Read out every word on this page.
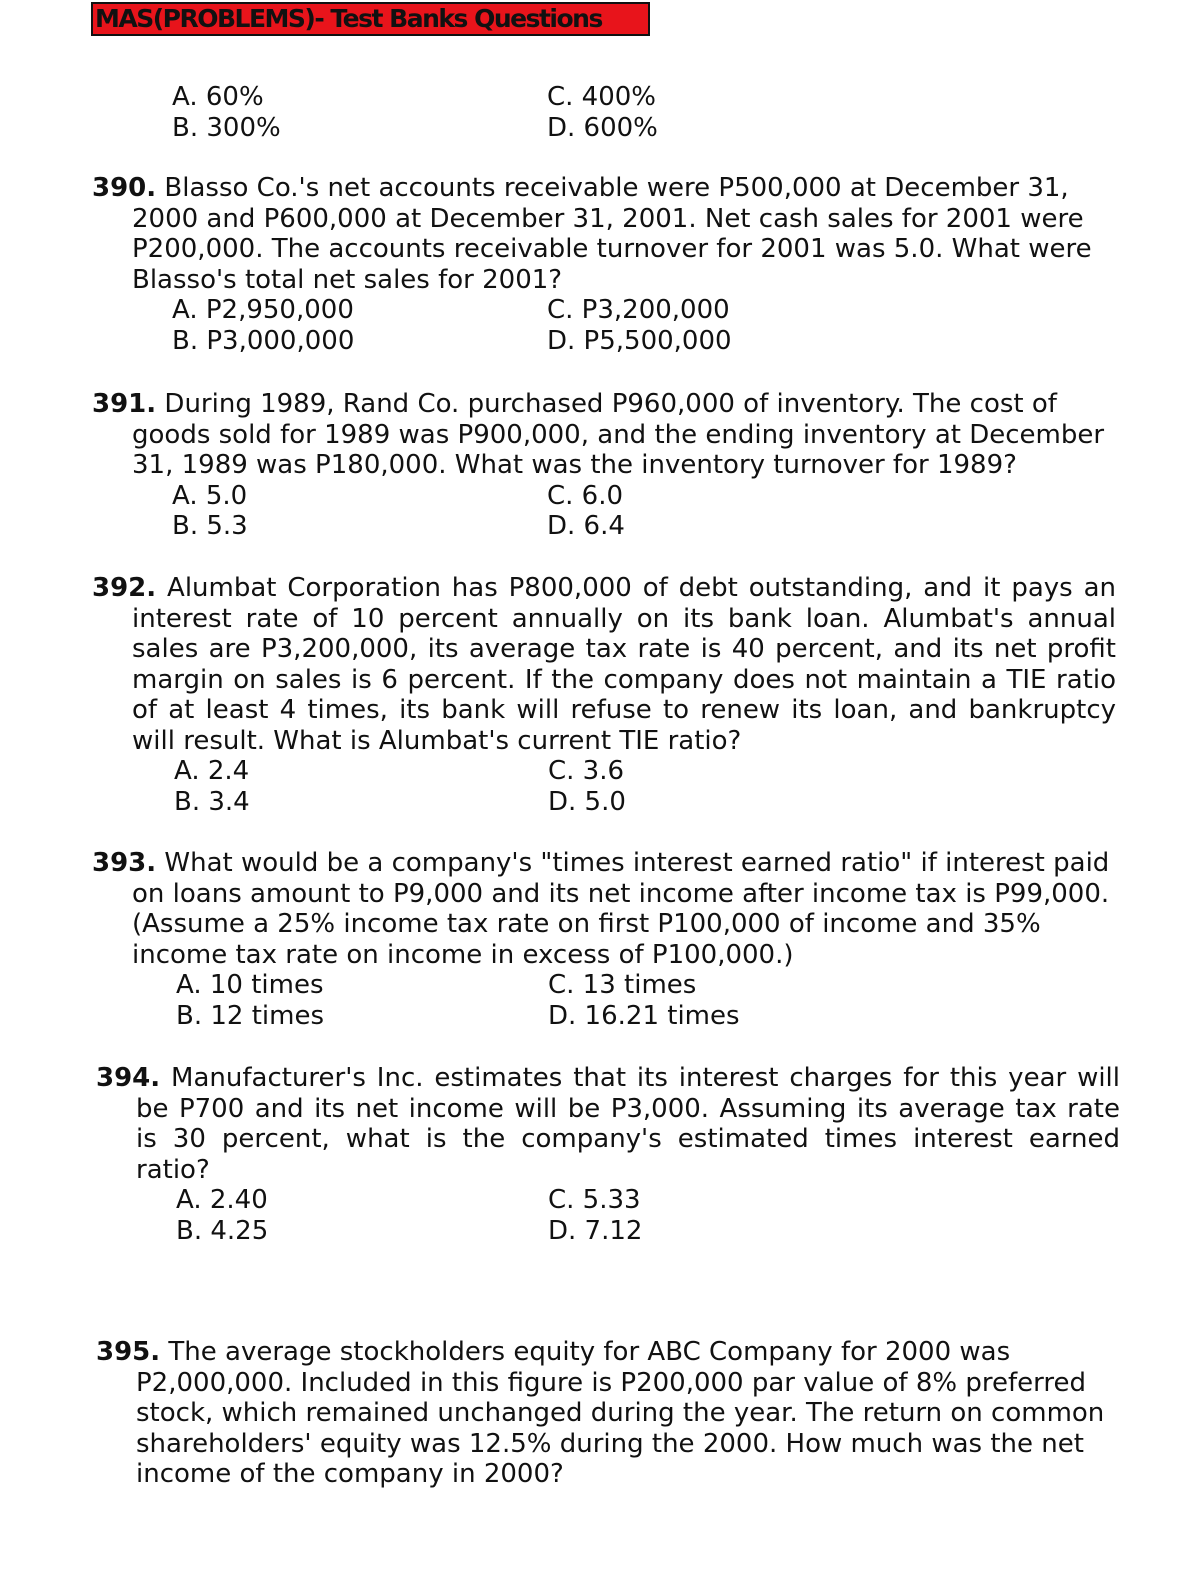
MAS(PROBLEMS)- Test Banks Questions
A. 60%
B. 300%
C. 400%
D. 600%

390. Blasso Co.'s net accounts receivable were P500,000 at December 31, 2000 and P600,000 at December 31, 2001. Net cash sales for 2001 were P200,000. The accounts receivable turnover for 2001 was 5.0. What were Blasso's total net sales for 2001?

A. P2,950,000
B. P3,000,000
C. P3,200,000
D. P5,500,000

391. During 1989, Rand Co. purchased P960,000 of inventory. The cost of goods sold for 1989 was P900,000, and the ending inventory at December 31, 1989 was P180,000. What was the inventory turnover for 1989?

A. 5.0
B. 5.3
C. 6.0
D. 6.4

392. Alumbat Corporation has P800,000 of debt outstanding, and it pays an interest rate of 10 percent annually on its bank loan. Alumbat's annual sales are P3,200,000, its average tax rate is 40 percent, and its net profit margin on sales is 6 percent. If the company does not maintain a TIE ratio of at least 4 times, its bank will refuse to renew its loan, and bankruptcy will result. What is Alumbat's current TIE ratio?

A. 2.4
B. 3.4
C. 3.6
D. 5.0

393. What would be a company's "times interest earned ratio" if interest paid on loans amount to P9,000 and its net income after income tax is P99,000. (Assume a 25% income tax rate on first P100,000 of income and 35% income tax rate on income in excess of P100,000.)

A. 10 times
B. 12 times
C. 13 times
D. 16.21 times

394. Manufacturer's Inc. estimates that its interest charges for this year will be P700 and its net income will be P3,000. Assuming its average tax rate is 30 percent, what is the company's estimated times interest earned ratio?

A. 2.40
B. 4.25
C. 5.33
D. 7.12

395. The average stockholders equity for ABC Company for 2000 was P2,000,000. Included in this figure is P200,000 par value of 8% preferred stock, which remained unchanged during the year. The return on common shareholders' equity was 12.5% during the 2000. How much was the net income of the company in 2000?
